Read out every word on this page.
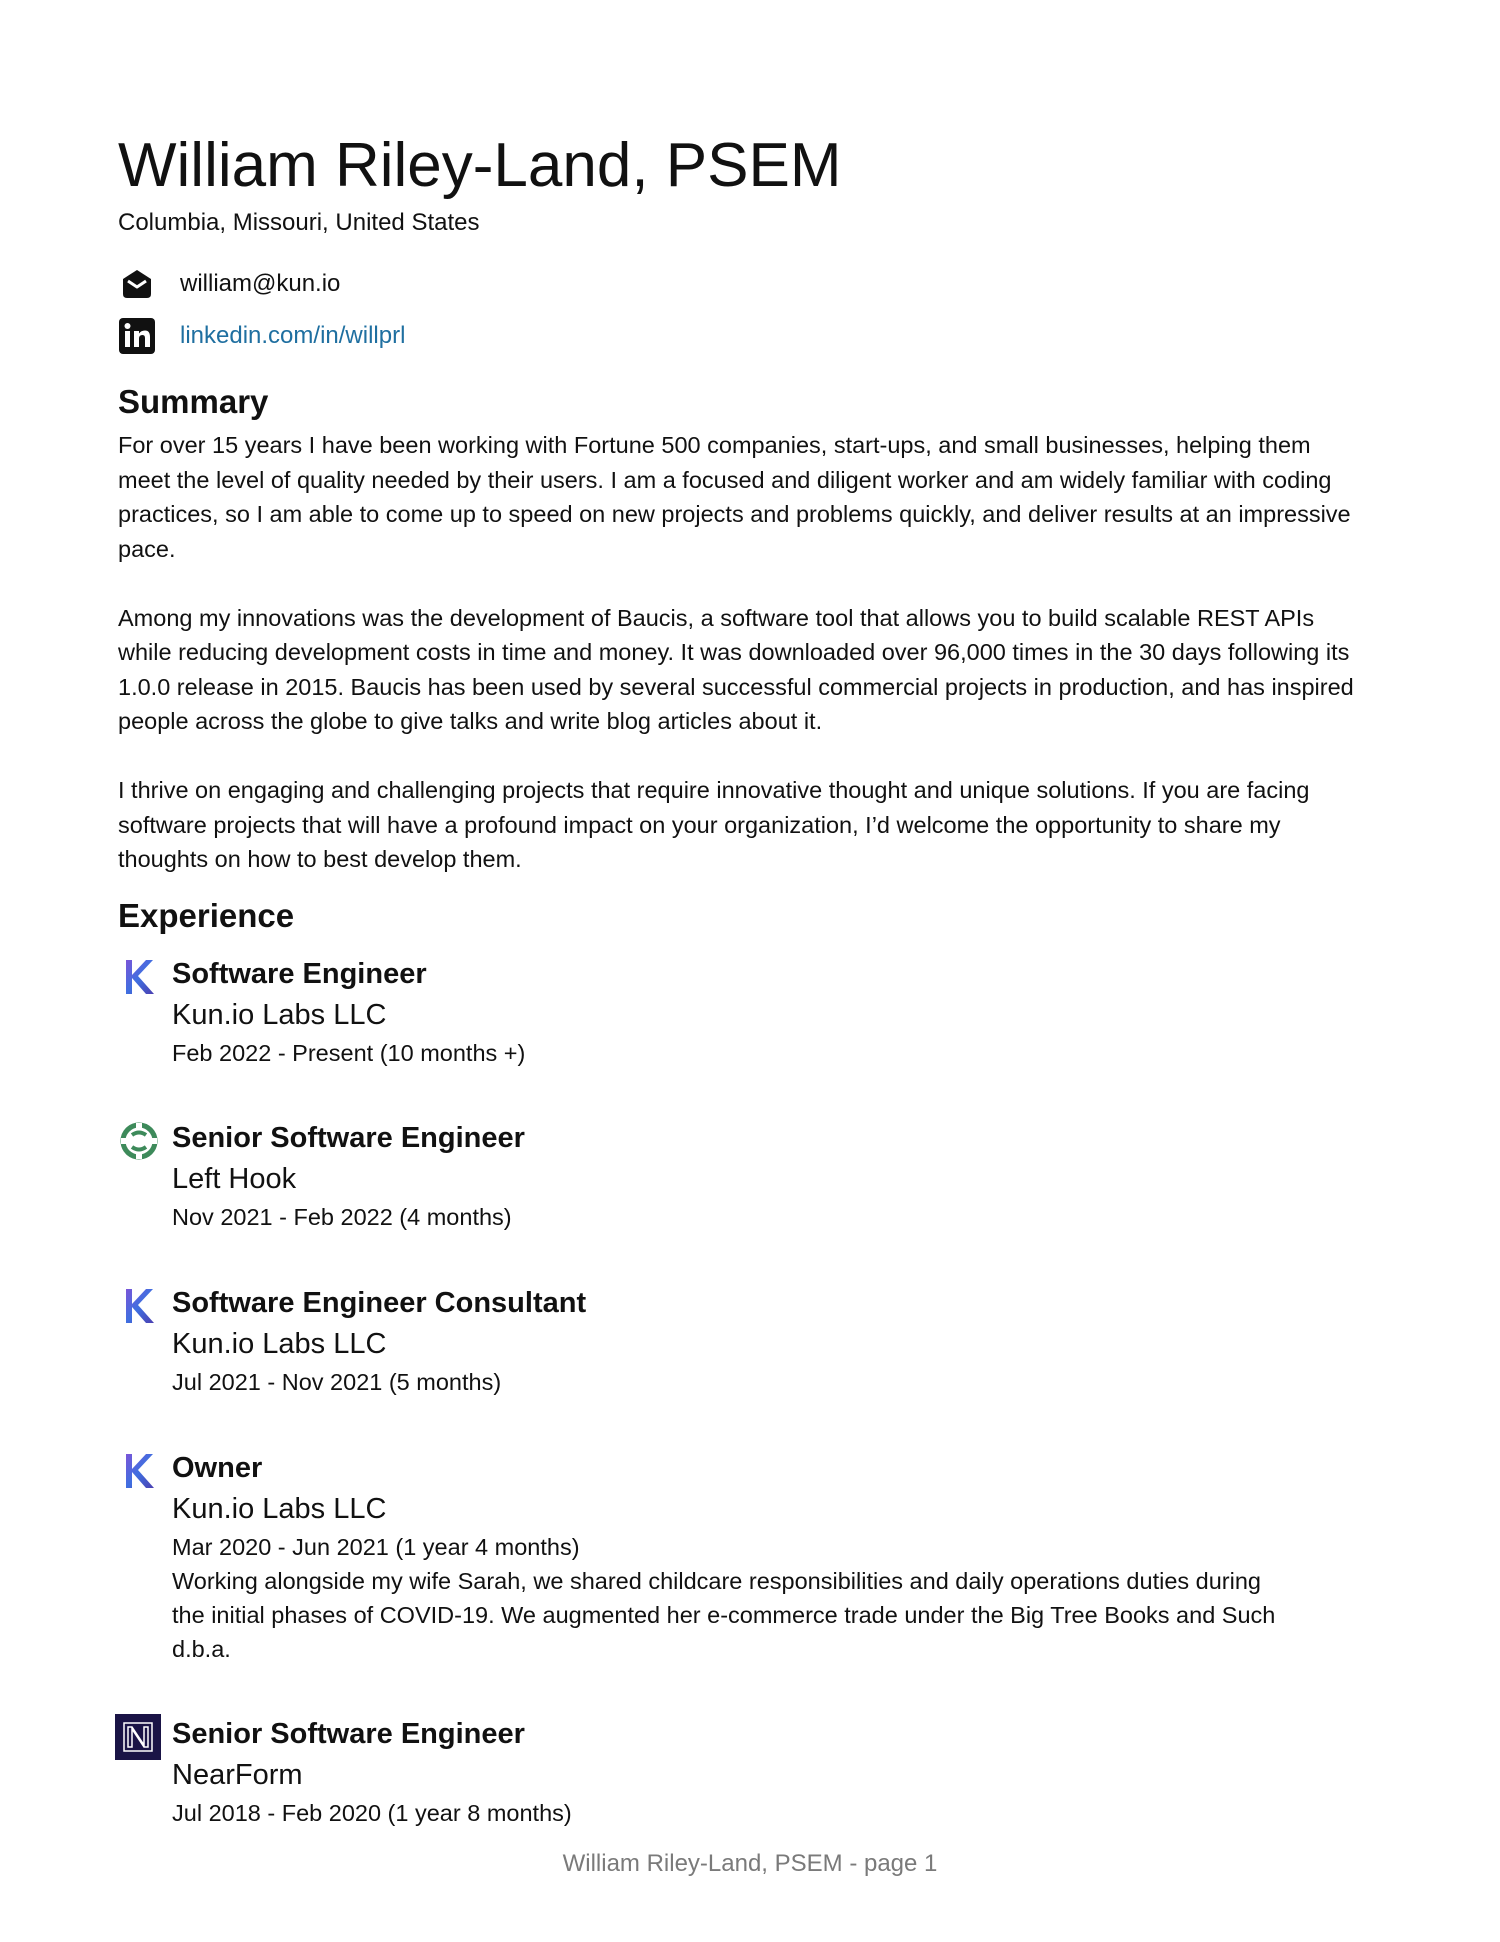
William Riley-Land, PSEM
Columbia, Missouri, United States
william@kun.io
linkedin.com/in/willprl
Summary

For over 15 years I have been working with Fortune 500 companies, start-ups, and small businesses, helping them meet the level of quality needed by their users. I am a focused and diligent worker and am widely familiar with coding practices, so I am able to come up to speed on new projects and problems quickly, and deliver results at an impressive pace.

Among my innovations was the development of Baucis, a software tool that allows you to build scalable REST APIs while reducing development costs in time and money. It was downloaded over 96,000 times in the 30 days following its 1.0.0 release in 2015. Baucis has been used by several successful commercial projects in production, and has inspired people across the globe to give talks and write blog articles about it.

I thrive on engaging and challenging projects that require innovative thought and unique solutions. If you are facing software projects that will have a profound impact on your organization, I’d welcome the opportunity to share my thoughts on how to best develop them.

Experience
Software Engineer
Kun.io Labs LLC
Feb 2022 - Present (10 months +)
Senior Software Engineer
Left Hook
Nov 2021 - Feb 2022 (4 months)
Software Engineer Consultant
Kun.io Labs LLC
Jul 2021 - Nov 2021 (5 months)
Owner
Kun.io Labs LLC
Mar 2020 - Jun 2021 (1 year 4 months)
Working alongside my wife Sarah, we shared childcare responsibilities and daily operations duties during the initial phases of COVID-19. We augmented her e-commerce trade under the Big Tree Books and Such d.b.a.
Senior Software Engineer
NearForm
Jul 2018 - Feb 2020 (1 year 8 months)
William Riley-Land, PSEM - page 1
